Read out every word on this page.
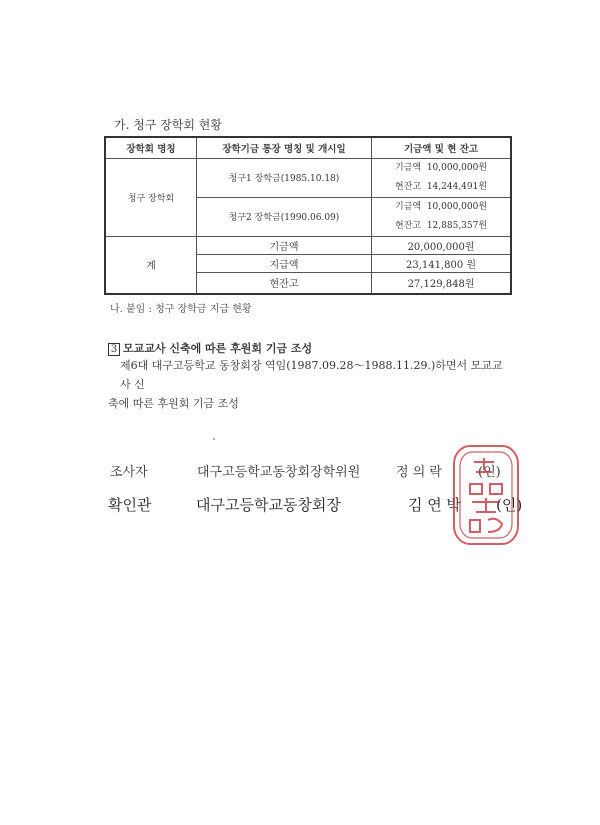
가. 청구 장학회 현황
장학회 명칭	장학기금 통장 명칭 및 개시일	기금액 및 현 잔고
청구 장학회	청구1 장학금(1985.10.18)	기금액 10,000,000원
현잔고 14,244,491원

	청구2 장학금(1990.06.09)	기금액 10,000,000원
현잔고 12,885,357원

계	기금액	20,000,000원
	지급액	23,141,800 원
	현잔고	27,129,848원
나. 붙임 : 청구 장학금 지급 현황
3 모교교사 신축에 따른 후원회 기금 조성
제6대 대구고등학교 동창회장 역임(1987.09.28～1988.11.29.)하면서 모교교사 신
축에 따른 후원회 기금 조성
조사자	대구고등학교동창회장학위원	정 의 락	(인)
확인관	대구고등학교동창회장	김 연 박 (인)
